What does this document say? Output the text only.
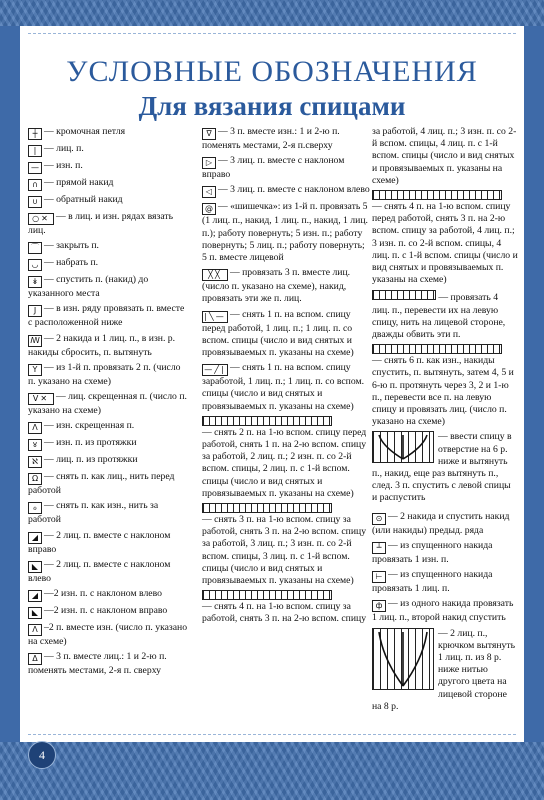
УСЛОВНЫЕ ОБОЗНАЧЕНИЯ
Для вязания спицами

┼ — кромочная петля

| — лиц. п.

— — изн. п.

∩ — прямой накид

∪ — обратный накид

○✕ — в лиц. и изн. рядах вязать лиц.

⌒ — закрыть п.

◡ — набрать п.

↡ — спустить п. (накид) до указанного места

J — в изн. ряду провязать п. вместе с расположенной ниже

ꟿ — 2 накида и 1 лиц. п., в изн. р. накиды сбросить, п. вытянуть

Y — из 1-й п. провязать 2 п. (число п. указано на схеме)

V✕ — лиц. скрещенная п. (число п. указано на схеме)

Λ — изн. скрещенная п.

४ — изн. п. из протяжки

ℵ — лиц. п. из протяжки

Ω — снять п. как лиц., нить перед работой

ℴ — снять п. как изн., нить за работой

◢ — 2 лиц. п. вместе с наклоном вправо

◣ — 2 лиц. п. вместе с наклоном влево

◢ —2 изн. п. с наклоном влево

◣ —2 изн. п. с наклоном вправо

Λ –2 п. вместе изн. (число п. указано на схеме)

Δ — 3 п. вместе лиц.: 1 и 2-ю п. поменять местами, 2-я п. сверху

∇ — 3 п. вместе изн.: 1 и 2-ю п. поменять местами, 2-я п.сверху

▷ — 3 лиц. п. вместе с наклоном вправо

◁ — 3 лиц. п. вместе с наклоном влево

@ — «шишечка»: из 1-й п. провязать 5 (1 лиц. п., накид, 1 лиц. п., накид, 1 лиц. п.); работу повернуть; 5 изн. п.; работу повернуть; 5 лиц. п.; работу повернуть; 5 п. вместе лицевой

╳╳ — провязать 3 п. вместе лиц. (число п. указано на схеме), накид, провязать эти же п. лиц.

|╲— — снять 1 п. на вспом. спицу перед работой, 1 лиц. п.; 1 лиц. п. со вспом. спицы (число и вид снятых и провязываемых п. указаны на схеме)

—╱| — снять 1 п. на вспом. спицу заработой, 1 лиц. п.; 1 лиц. п. со вспом. спицы (число и вид снятых и провязываемых п. указаны на схеме)

— снять 2 п. на 1-ю вспом. спицу перед работой, снять 1 п. на 2-ю вспом. спицу за работой, 2 лиц. п.; 2 изн. п. со 2-й вспом. спицы, 2 лиц. п. с 1-й вспом. спицы (число и вид снятых и провязываемых п. указаны на схеме)

— снять 3 п. на 1-ю вспом. спицу за работой, снять 3 п. на 2-ю вспом. спицу за работой, 3 лиц. п.; 3 изн. п. со 2-й вспом. спицы, 3 лиц. п. с 1-й вспом. спицы (число и вид снятых и провязываемых п. указаны на схеме)

— снять 4 п. на 1-ю вспом. спицу за работой, снять 3 п. на 2-ю вспом. спицу

за работой, 4 лиц. п.; 3 изн. п. со 2-й вспом. спицы, 4 лиц. п. с 1-й вспом. спицы (число и вид снятых и провязываемых п. указаны на схеме)

— снять 4 п. на 1-ю вспом. спицу перед работой, снять 3 п. на 2-ю вспом. спицу за работой, 4 лиц. п.; 3 изн. п. со 2-й вспом. спицы, 4 лиц. п. с 1-й вспом. спицы (число и вид снятых и провязываемых п. указаны на схеме)

— провязать 4 лиц. п., перевести их на левую спицу, нить на лицевой стороне, дважды обвить эти п.

— снять 6 п. как изн., накиды спустить, п. вытянуть, затем 4, 5 и 6-ю п. протянуть через 3, 2 и 1-ю п., перевести все п. на левую спицу и провязать лиц. (число п. указано на схеме)

— ввести спицу в отверстие на 6 р. ниже и вытянуть п., накид, еще раз вытянуть п., след. 3 п. спустить с левой спицы и распустить

⊙ — 2 накида и спустить накид (или накиды) предыд. ряда

┴ — из спущенного накида провязать 1 изн. п.

⊢ — из спущенного накида провязать 1 лиц. п.

ф — из одного накида провязать 1 лиц. п., второй накид спустить

— 2 лиц. п., крючком вытянуть 1 лиц. п. из 8 р. ниже нитью другого цвета на лицевой стороне на 8 р.

4
